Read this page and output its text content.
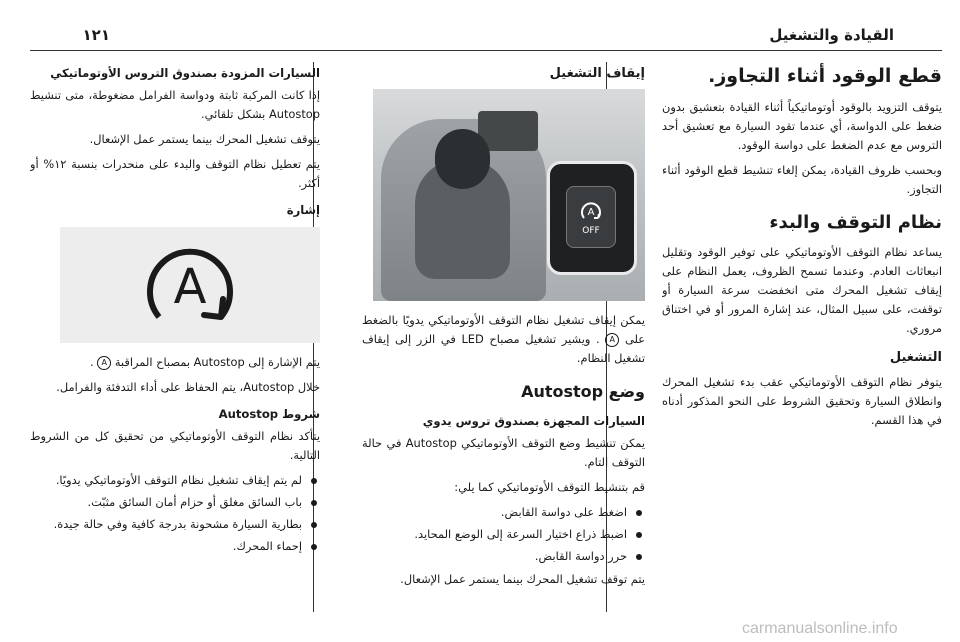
القيادة والتشغيل
١٢١
قطع الوقود أثناء التجاوز.

يتوقف التزويد بالوقود أوتوماتيكياً أثناء القيادة بتعشيق بدون ضغط على الدواسة، أي عندما تقود السيارة مع تعشيق أحد التروس مع عدم الضغط على دواسة الوقود.

وبحسب ظروف القيادة، يمكن إلغاء تنشيط قطع الوقود أثناء التجاوز.

نظام التوقف والبدء

يساعد نظام التوقف الأوتوماتيكي على توفير الوقود وتقليل انبعاثات العادم. وعندما تسمح الظروف، يعمل النظام على إيقاف تشغيل المحرك متى انخفضت سرعة السيارة أو توقفت، على سبيل المثال، عند إشارة المرور أو في اختناق مروري.

التشغيل

يتوفر نظام التوقف الأوتوماتيكي عقب بدء تشغيل المحرك وانطلاق السيارة وتحقيق الشروط على النحو المذكور أدناه في هذا القسم.

إيقاف التشغيل
A
OFF

يمكن إيقاف تشغيل نظام التوقف الأوتوماتيكي يدويًا بالضغط على A . ويشير تشغيل مصباح LED في الزر إلى إيقاف تشغيل النظام.

وضع Autostop
السيارات المجهزة بصندوق تروس يدوي

يمكن تنشيط وضع التوقف الأوتوماتيكي Autostop في حالة التوقف التام.

قم بتنشيط التوقف الأوتوماتيكي كما يلي:

اضغط على دواسة القابض.
اضبط ذراع اختيار السرعة إلى الوضع المحايد.
حرر دواسة القابض.

يتم توقف تشغيل المحرك بينما يستمر عمل الإشعال.

السيارات المزودة بصندوق التروس الأوتوماتيكي

إذا كانت المركبة ثابتة ودواسة الفرامل مضغوطة، متى تنشيط Autostop بشكل تلقائي.

يتوقف تشغيل المحرك بينما يستمر عمل الإشعال.

يتم تعطيل نظام التوقف والبدء على منحدرات بنسبة ١٢% أو أكثر.

إشارة
A

يتم الإشارة إلى Autostop بمصباح المراقبة A .

خلال Autostop، يتم الحفاظ على أداء التدفئة والفرامل.

شروط Autostop

يتأكد نظام التوقف الأوتوماتيكي من تحقيق كل من الشروط التالية.

لم يتم إيقاف تشغيل نظام التوقف الأوتوماتيكي يدويًا.
باب السائق مغلق أو حزام أمان السائق مثبّت.
بطارية السيارة مشحونة بدرجة كافية وفي حالة جيدة.
إحماء المحرك.
carmanualsonline.info
